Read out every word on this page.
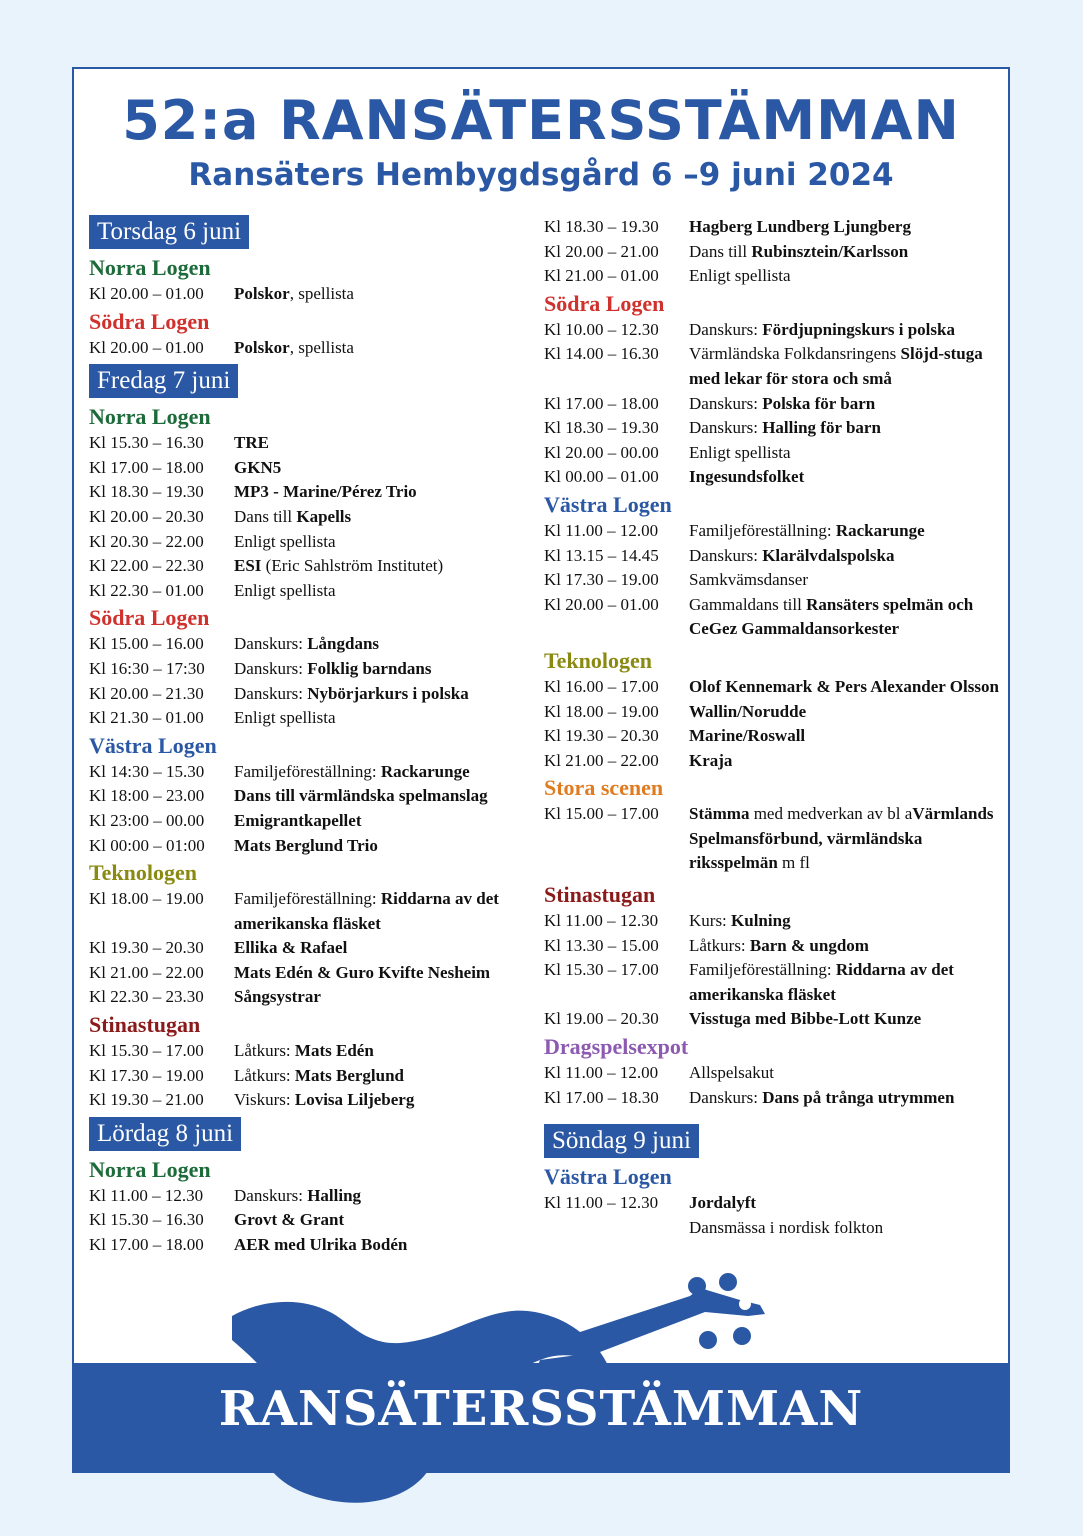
52:a RANSÄTERSSTÄMMAN
Ransäters Hembygdsgård 6 –9 juni 2024
Torsdag 6 juni
Norra Logen
Kl 20.00 – 01.00	Polskor, spellista
Södra Logen
Kl 20.00 – 01.00	Polskor, spellista
Fredag 7 juni
Norra Logen
Kl 15.30 – 16.30	TRE
Kl 17.00 – 18.00	GKN5
Kl 18.30 – 19.30	MP3 - Marine/Pérez Trio
Kl 20.00 – 20.30	Dans till Kapells
Kl 20.30 – 22.00	Enligt spellista
Kl 22.00 – 22.30	ESI (Eric Sahlström Institutet)
Kl 22.30 – 01.00	Enligt spellista
Södra Logen
Kl 15.00 – 16.00	Danskurs: Långdans
Kl 16:30 – 17:30	Danskurs: Folklig barndans
Kl 20.00 – 21.30	Danskurs: Nybörjarkurs i polska
Kl 21.30 – 01.00	Enligt spellista
Västra Logen
Kl 14:30 – 15.30	Familjeföreställning: Rackarunge
Kl 18:00 – 23.00	Dans till värmländska spelmanslag
Kl 23:00 – 00.00	Emigrantkapellet
Kl 00:00 – 01:00	Mats Berglund Trio
Teknologen
Kl 18.00 – 19.00	Familjeföreställning: Riddarna av det amerikanska fläsket
Kl 19.30 – 20.30	Ellika & Rafael
Kl 21.00 – 22.00	Mats Edén & Guro Kvifte Nesheim
Kl 22.30 – 23.30	Sångsystrar
Stinastugan
Kl 15.30 – 17.00	Låtkurs: Mats Edén
Kl 17.30 – 19.00	Låtkurs: Mats Berglund
Kl 19.30 – 21.00	Viskurs: Lovisa Liljeberg
Lördag 8 juni
Norra Logen
Kl 11.00 – 12.30	Danskurs: Halling
Kl 15.30 – 16.30	Grovt & Grant
Kl 17.00 – 18.00	AER med Ulrika Bodén
Kl 18.30 – 19.30	Hagberg Lundberg Ljungberg
Kl 20.00 – 21.00	Dans till Rubinsztein/Karlsson
Kl 21.00 – 01.00	Enligt spellista
Södra Logen
Kl 10.00 – 12.30	Danskurs: Fördjupningskurs i polska
Kl 14.00 – 16.30	Värmländska Folkdansringens Slöjd-stuga med lekar för stora och små
Kl 17.00 – 18.00	Danskurs: Polska för barn
Kl 18.30 – 19.30	Danskurs: Halling för barn
Kl 20.00 – 00.00	Enligt spellista
Kl 00.00 – 01.00	Ingesundsfolket
Västra Logen
Kl 11.00 – 12.00	Familjeföreställning: Rackarunge
Kl 13.15 – 14.45	Danskurs: Klarälvdalspolska
Kl 17.30 – 19.00	Samkvämsdanser
Kl 20.00 – 01.00	Gammaldans till Ransäters spelmän och CeGez Gammaldansorkester
Teknologen
Kl 16.00 – 17.00	Olof Kennemark & Pers Alexander Olsson
Kl 18.00 – 19.00	Wallin/Norudde
Kl 19.30 – 20.30	Marine/Roswall
Kl 21.00 – 22.00	Kraja
Stora scenen
Kl 15.00 – 17.00	Stämma med medverkan av bl aVärmlands Spelmansförbund, värmländska riksspelmän m fl
Stinastugan
Kl 11.00 – 12.30	Kurs: Kulning
Kl 13.30 – 15.00	Låtkurs: Barn & ungdom
Kl 15.30 – 17.00	Familjeföreställning: Riddarna av det amerikanska fläsket
Kl 19.00 – 20.30	Visstuga med Bibbe-Lott Kunze
Dragspelsexpot
Kl 11.00 – 12.00	Allspelsakut
Kl 17.00 – 18.30	Danskurs: Dans på trånga utrymmen
Söndag 9 juni
Västra Logen
Kl 11.00 – 12.30	Jordalyft
Dansmässa i nordisk folkton
RANSÄTERSSTÄMMAN
